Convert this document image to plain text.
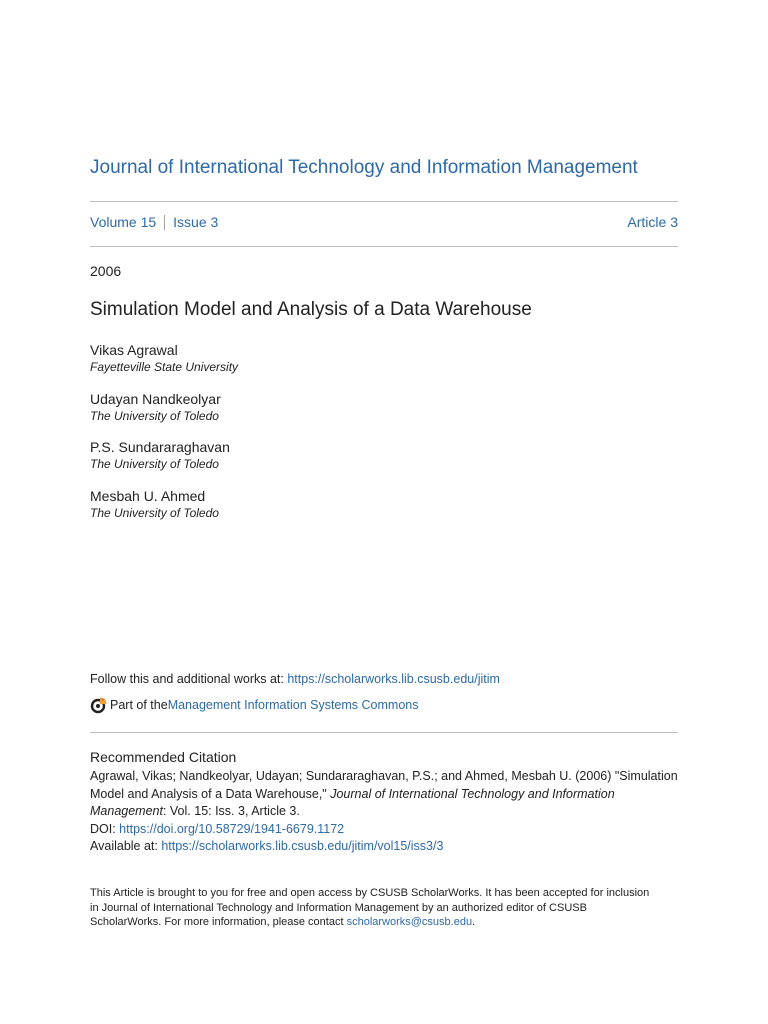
Journal of International Technology and Information Management
Volume 15 Issue 3	Article 3
2006
Simulation Model and Analysis of a Data Warehouse
Vikas Agrawal
Fayetteville State University
Udayan Nandkeolyar
The University of Toledo
P.S. Sundararaghavan
The University of Toledo
Mesbah U. Ahmed
The University of Toledo
Follow this and additional works at: https://scholarworks.lib.csusb.edu/jitim
Part of the Management Information Systems Commons
Recommended Citation
Agrawal, Vikas; Nandkeolyar, Udayan; Sundararaghavan, P.S.; and Ahmed, Mesbah U. (2006) "Simulation
Model and Analysis of a Data Warehouse," Journal of International Technology and Information
Management: Vol. 15: Iss. 3, Article 3.
DOI: https://doi.org/10.58729/1941-6679.1172
Available at: https://scholarworks.lib.csusb.edu/jitim/vol15/iss3/3
This Article is brought to you for free and open access by CSUSB ScholarWorks. It has been accepted for inclusion
in Journal of International Technology and Information Management by an authorized editor of CSUSB
ScholarWorks. For more information, please contact scholarworks@csusb.edu.
